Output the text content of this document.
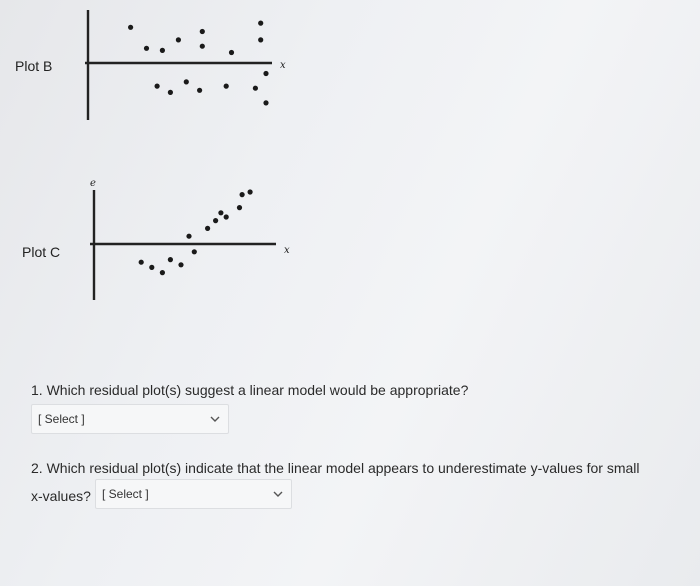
Plot B	x
Plot C
e
x
1. Which residual plot(s) suggest a linear model would be appropriate?
[ Select ]
2. Which residual plot(s) indicate that the linear model appears to underestimate y-values for small
x-values? [ Select ]
